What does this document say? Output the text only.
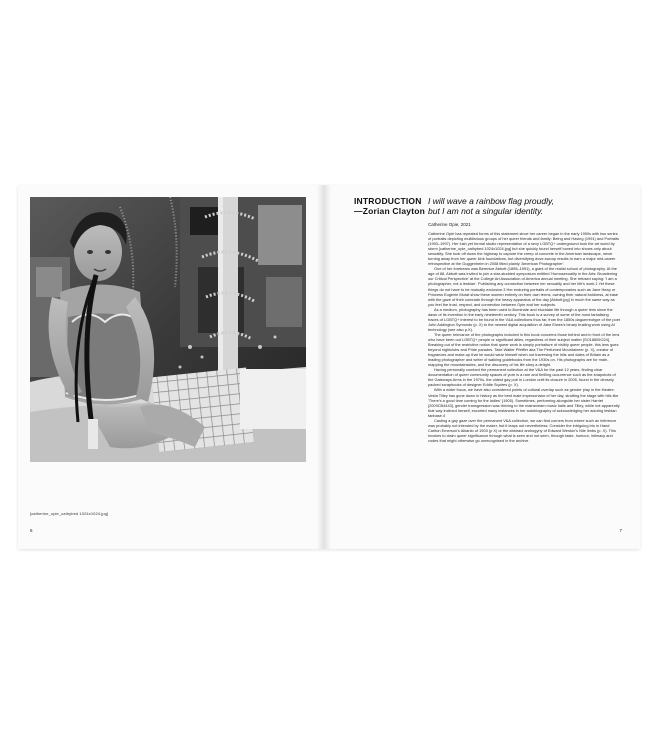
[catherine_opie_cathybed 1024x1024.jpg]
6
INTRODUCTION
—Zorian Clayton
I will wave a rainbow flag proudly,
but I am not a singular identity.
Catherine Opie, 2021

Catherine Opie has repeated forms of this statement since her career began in the early 1990s with two series of portraits depicting multifarious groups of her queer friends and family: Being and Having (1991) and Portraits (1993–1997). Her lush yet formal studio representation of a sexy LGBTQ+ underground took the art world by storm [catherine_opie_cathybed 1024x1024.jpg] but she quickly found herself boxed into shows only about sexuality. She took off down the highway to capture the creep of concrete in the American landscape, never turning away from her queer kink foundations, but diversifying dove-swoop results to earn a major mid-career retrospective at the Guggenheim in 2008 titled plainly 'American Photographer'.

One of her forebears was Berenice Abbott (1898–1991), a giant of the realist school of photography. At the age of 88, Abbott was invited to join a star-studded symposium entitled 'Homosexuality in the Arts: Broadening our Critical Perspective' at the College Art Association of America annual meeting. She refused saying: 'I am a photographer, not a lesbian'. Publishing any connection between her sexuality and her life's work.1 Yet these things do not have to be mutually exclusive.3 Her enduring portraits of contemporaries such as Jane Heap or Princess Eugenie Murat show these women entirely on their own terms, owning their natural boldness, at ease with the gaze of their comrade through the heavy apparatus of the day [Abbott.jpg] in much the same way as you feel the trust, respect, and connection between Opie and her subjects.

As a medium, photography has been used to illuminate and elucidate life through a queer lens since the dawn of its invention in the early nineteenth century. This book is a survey of some of the most tantalising traces of LGBTQ+ interest to be found in the V&A collections thus far, from the 1850s daguerreotype of the poet John Addington Symonds (p. X) to the newest digital acquisition of Jake Elwes's binary busting work using AI technology (see also p.X).

The queer relevance of the photographs included in this book concerns those behind and in front of the lens who have been out LGBTQ+ people or significant allies, regardless of their subject matter [SO18805O24]. Breaking out of the restrictive notion that queer work is simply portraiture of visibly queer people, this lens goes beyond nightclubs and Pride parades. Take Walter Pfeiffer aka The Perfumed Mountaineer (p. X), creator of fragrances and make-up that he would wear himself when out traversing the hills and dales of Britain as a leading photographer and writer of walking guidebooks from the 1930s on. His photographs are for male-mapping the mountainsides, and the discovery of his life story a delight.

Having personally combed the permanent collection at the V&A for the past 12 years, finding clear documentation of queer community spaces of yore is a rare and thrilling occurrence such as the snapshots of the Gateways Arms in the 1970s, the oldest gay pub in London until its closure in 2005, found in the densely packed scrapbooks of designer Eddie Squires (p. X).

With a wider focus, we have also considered points of cultural overlap such as gender play in the theatre. Vesta Tilley has gone down in history as the best male impersonator of her day, strutting the stage with hits like 'There's a good time coming for the ladies' (1905). Sometimes, performing alongside her sister Harriet [2009CB4443], gender transgression was thriving to the mainstream music halls and Tilley, while not apparently that way inclined herself, escorted many instances in her autobiography of acknowledging her adoring lesbian fanbase.4

Casting a gay gaze over the permanent V&A collection, we can find corners from where such an inference was probably not intended by the maker, but it leaps out nevertheless. Consider the intriguing trio in Hand Carlton Emerson's Alkanto of 1903 (p X) or the abstract androgyny of Edward Weston's Nile limbs (p. X). This invokes to claim queer significance through what is seen and not seen, through taste, humour, intimacy and codes that might otherwise go unrecognised in the archive.

7
